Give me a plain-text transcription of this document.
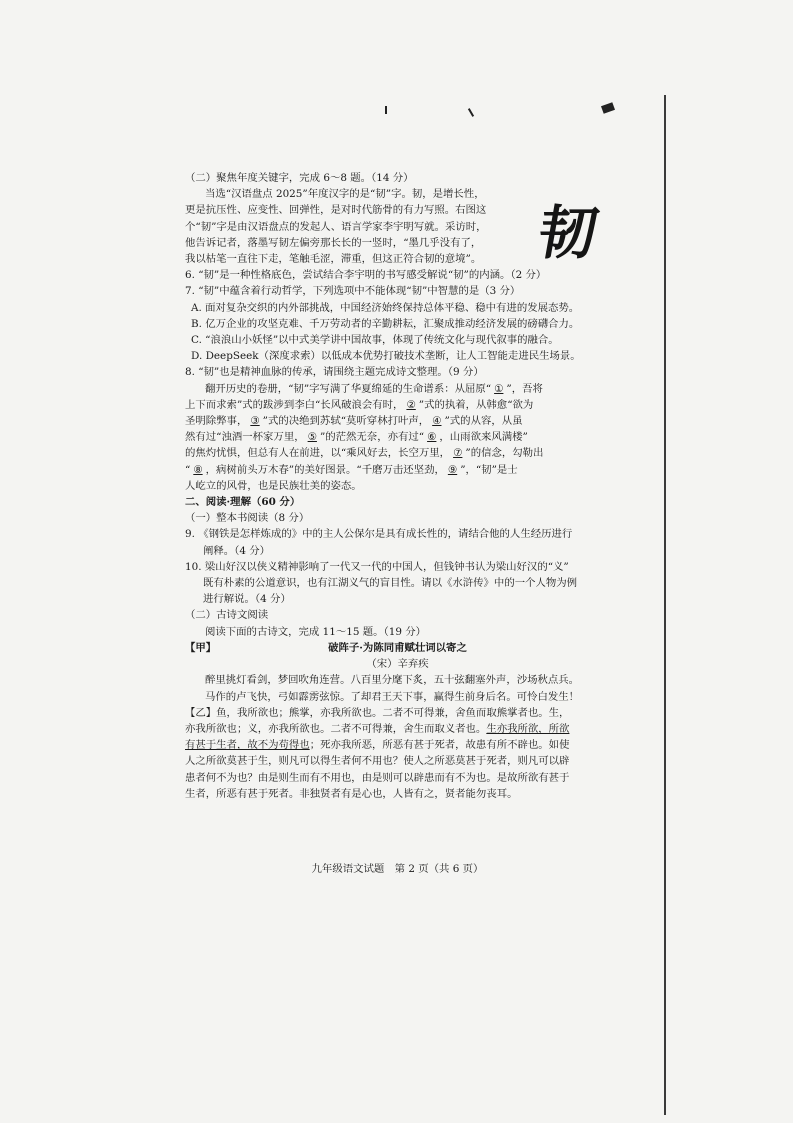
韧
（二）聚焦年度关键字，完成 6～8 题。（14 分）
当选“汉语盘点 2025”年度汉字的是“韧”字。韧，是增长性，
更是抗压性、应变性、回弹性，是对时代筋骨的有力写照。右图这
个“韧”字是由汉语盘点的发起人、语言学家李宇明写就。采访时，
他告诉记者，落墨写韧左偏旁那长长的一竖时，“墨几乎没有了，
我以枯笔一直往下走，笔触毛涩，滞重，但这正符合韧的意境”。
6. “韧”是一种性格底色，尝试结合李宇明的书写感受解说“韧”的内涵。（2 分）
7. “韧”中蕴含着行动哲学，下列选项中不能体现“韧”中智慧的是（3 分）
A. 面对复杂交织的内外部挑战，中国经济始终保持总体平稳、稳中有进的发展态势。
B. 亿万企业的攻坚克难、千万劳动者的辛勤耕耘，汇聚成推动经济发展的磅礴合力。
C. “浪浪山小妖怪”以中式美学讲中国故事，体现了传统文化与现代叙事的融合。
D. DeepSeek（深度求索）以低成本优势打破技术垄断，让人工智能走进民生场景。
8. “韧”也是精神血脉的传承，请围绕主题完成诗文整理。（9 分）
翻开历史的卷册，“韧”字写满了华夏绵延的生命谱系：从屈原“ ① ”，吾将
上下而求索”式的跋涉到李白“长风破浪会有时， ② ”式的执着，从韩愈“欲为
圣明除弊事， ③ ”式的决绝到苏轼“莫听穿林打叶声， ④ ”式的从容，从虽
然有过“浊酒一杯家万里， ⑤ ”的茫然无奈，亦有过“ ⑥ ，山雨欲来风满楼”
的焦灼忧惧，但总有人在前进，以“乘风好去，长空万里， ⑦ ”的信念，勾勒出
“ ⑧ ，病树前头万木春”的美好图景。“千磨万击还坚劲， ⑨ ”，“韧”是士
人屹立的风骨，也是民族壮美的姿态。
二、阅读·理解（60 分）
（一）整本书阅读（8 分）
9. 《钢铁是怎样炼成的》中的主人公保尔是具有成长性的，请结合他的人生经历进行
阐释。（4 分）
10. 梁山好汉以侠义精神影响了一代又一代的中国人，但钱钟书认为梁山好汉的“义”
既有朴素的公道意识，也有江湖义气的盲目性。请以《水浒传》中的一个人物为例
进行解说。（4 分）
（二）古诗文阅读
阅读下面的古诗文，完成 11～15 题。（19 分）
【甲】	破阵子·为陈同甫赋壮词以寄之
（宋）辛弃疾
醉里挑灯看剑，梦回吹角连营。八百里分麾下炙，五十弦翻塞外声，沙场秋点兵。
马作的卢飞快，弓如霹雳弦惊。了却君王天下事，赢得生前身后名。可怜白发生！
【乙】鱼，我所欲也；熊掌，亦我所欲也。二者不可得兼，舍鱼而取熊掌者也。生，
亦我所欲也；义，亦我所欲也。二者不可得兼，舍生而取义者也。生亦我所欲，所欲
有甚于生者，故不为苟得也；死亦我所恶，所恶有甚于死者，故患有所不辟也。如使
人之所欲莫甚于生，则凡可以得生者何不用也？使人之所恶莫甚于死者，则凡可以辟
患者何不为也？由是则生而有不用也，由是则可以辟患而有不为也。是故所欲有甚于
生者，所恶有甚于死者。非独贤者有是心也，人皆有之，贤者能勿丧耳。
九年级语文试题　第 2 页（共 6 页）
